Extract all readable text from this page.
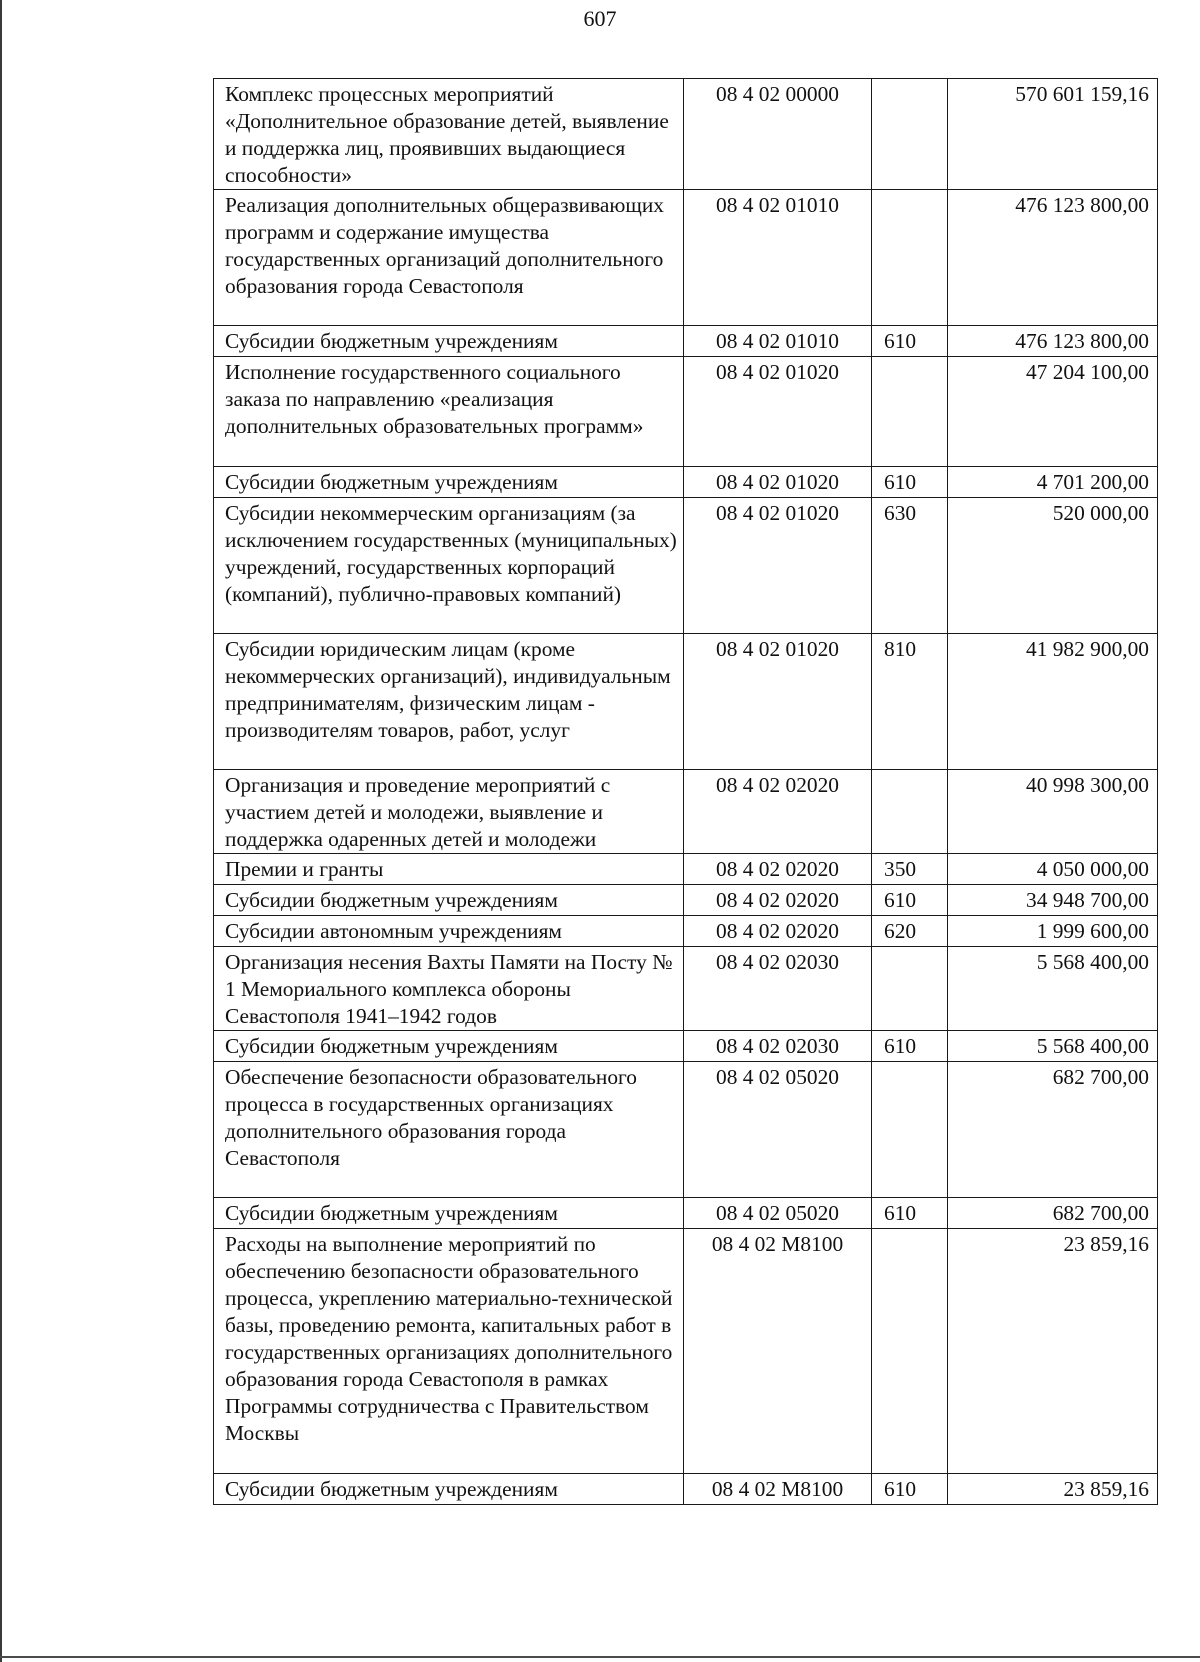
607
Комплекс процессных мероприятий «Дополнительное образование детей, выявление и поддержка лиц, проявивших выдающиеся способности»	08 4 02 00000		570 601 159,16
Реализация дополнительных общеразвивающих программ и содержание имущества государственных организаций дополнительного образования города Севастополя	08 4 02 01010		476 123 800,00
Субсидии бюджетным учреждениям	08 4 02 01010	610	476 123 800,00
Исполнение государственного социального заказа по направлению «реализация дополнительных образовательных программ»	08 4 02 01020		47 204 100,00
Субсидии бюджетным учреждениям	08 4 02 01020	610	4 701 200,00
Субсидии некоммерческим организациям (за исключением государственных (муниципальных) учреждений, государственных корпораций (компаний), публично-правовых компаний)	08 4 02 01020	630	520 000,00
Субсидии юридическим лицам (кроме некоммерческих организаций), индивидуальным предпринимателям, физическим лицам - производителям товаров, работ, услуг	08 4 02 01020	810	41 982 900,00
Организация и проведение мероприятий с участием детей и молодежи, выявление и поддержка одаренных детей и молодежи	08 4 02 02020		40 998 300,00
Премии и гранты	08 4 02 02020	350	4 050 000,00
Субсидии бюджетным учреждениям	08 4 02 02020	610	34 948 700,00
Субсидии автономным учреждениям	08 4 02 02020	620	1 999 600,00
Организация несения Вахты Памяти на Посту № 1 Мемориального комплекса обороны Севастополя 1941–1942 годов	08 4 02 02030		5 568 400,00
Субсидии бюджетным учреждениям	08 4 02 02030	610	5 568 400,00
Обеспечение безопасности образовательного процесса в государственных организациях дополнительного образования города Севастополя	08 4 02 05020		682 700,00
Субсидии бюджетным учреждениям	08 4 02 05020	610	682 700,00
Расходы на выполнение мероприятий по обеспечению безопасности образовательного процесса, укреплению материально-технической базы, проведению ремонта, капитальных работ в государственных организациях дополнительного образования города Севастополя в рамках Программы сотрудничества с Правительством Москвы	08 4 02 M8100		23 859,16
Субсидии бюджетным учреждениям	08 4 02 M8100	610	23 859,16
